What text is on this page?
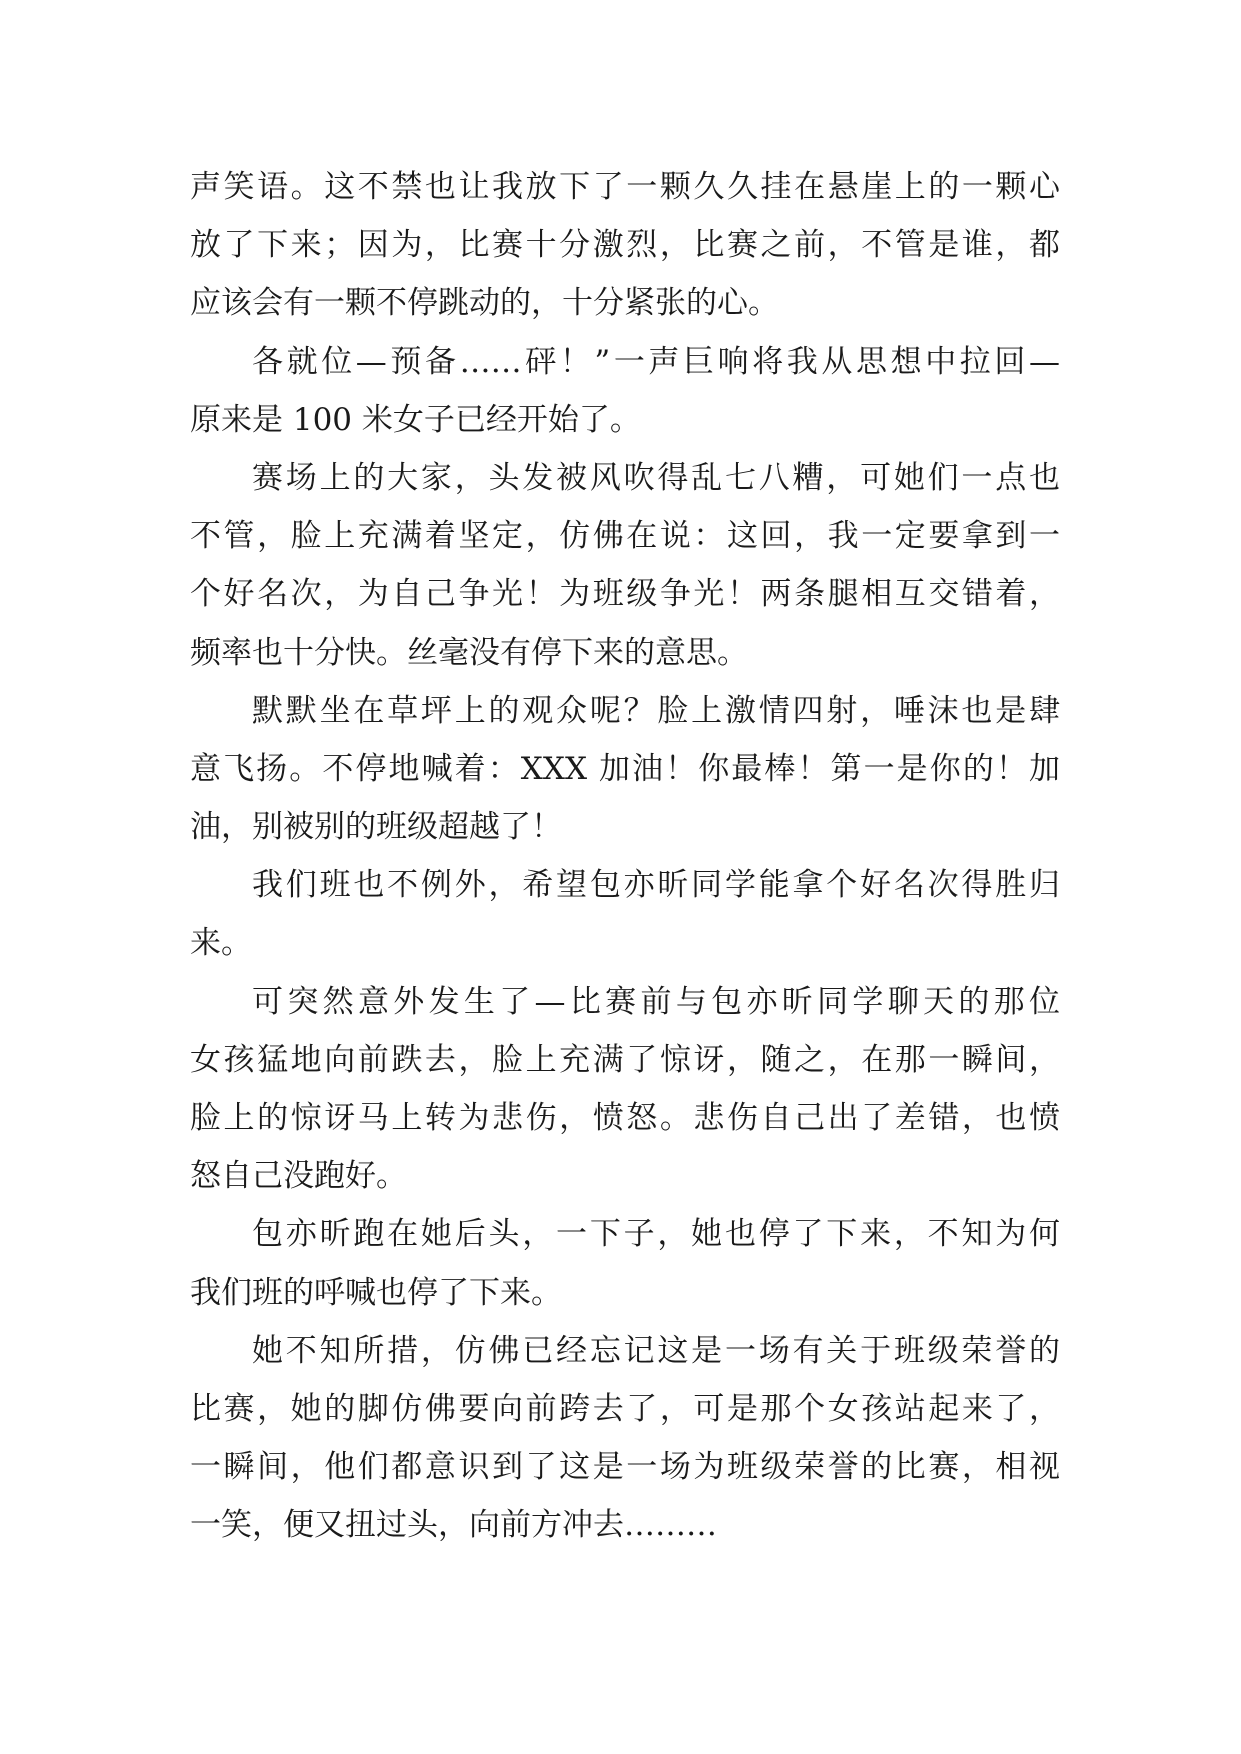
声笑语。这不禁也让我放下了一颗久久挂在悬崖上的一颗心
放了下来；因为，比赛十分激烈，比赛之前，不管是谁，都
应该会有一颗不停跳动的，十分紧张的心。
各就位—预备……砰！”一声巨响将我从思想中拉回—
原来是 100 米女子已经开始了。
赛场上的大家，头发被风吹得乱七八糟，可她们一点也
不管，脸上充满着坚定，仿佛在说：这回，我一定要拿到一
个好名次，为自己争光！为班级争光！两条腿相互交错着，
频率也十分快。丝毫没有停下来的意思。
默默坐在草坪上的观众呢？脸上激情四射，唾沫也是肆
意飞扬。不停地喊着：XXX 加油！你最棒！第一是你的！加
油，别被别的班级超越了！
我们班也不例外，希望包亦昕同学能拿个好名次得胜归
来。
可突然意外发生了—比赛前与包亦昕同学聊天的那位
女孩猛地向前跌去，脸上充满了惊讶，随之，在那一瞬间，
脸上的惊讶马上转为悲伤，愤怒。悲伤自己出了差错，也愤
怒自己没跑好。
包亦昕跑在她后头，一下子，她也停了下来，不知为何
我们班的呼喊也停了下来。
她不知所措，仿佛已经忘记这是一场有关于班级荣誉的
比赛，她的脚仿佛要向前跨去了，可是那个女孩站起来了，
一瞬间，他们都意识到了这是一场为班级荣誉的比赛，相视
一笑，便又扭过头，向前方冲去………
